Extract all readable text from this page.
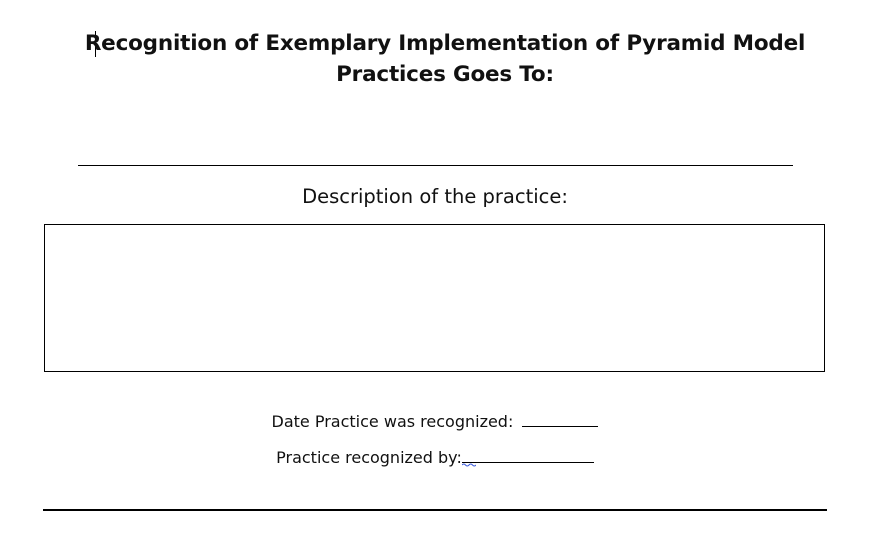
Recognition of Exemplary Implementation of Pyramid Model
Practices Goes To:
Description of the practice:
Date Practice was recognized:
Practice recognized by:
